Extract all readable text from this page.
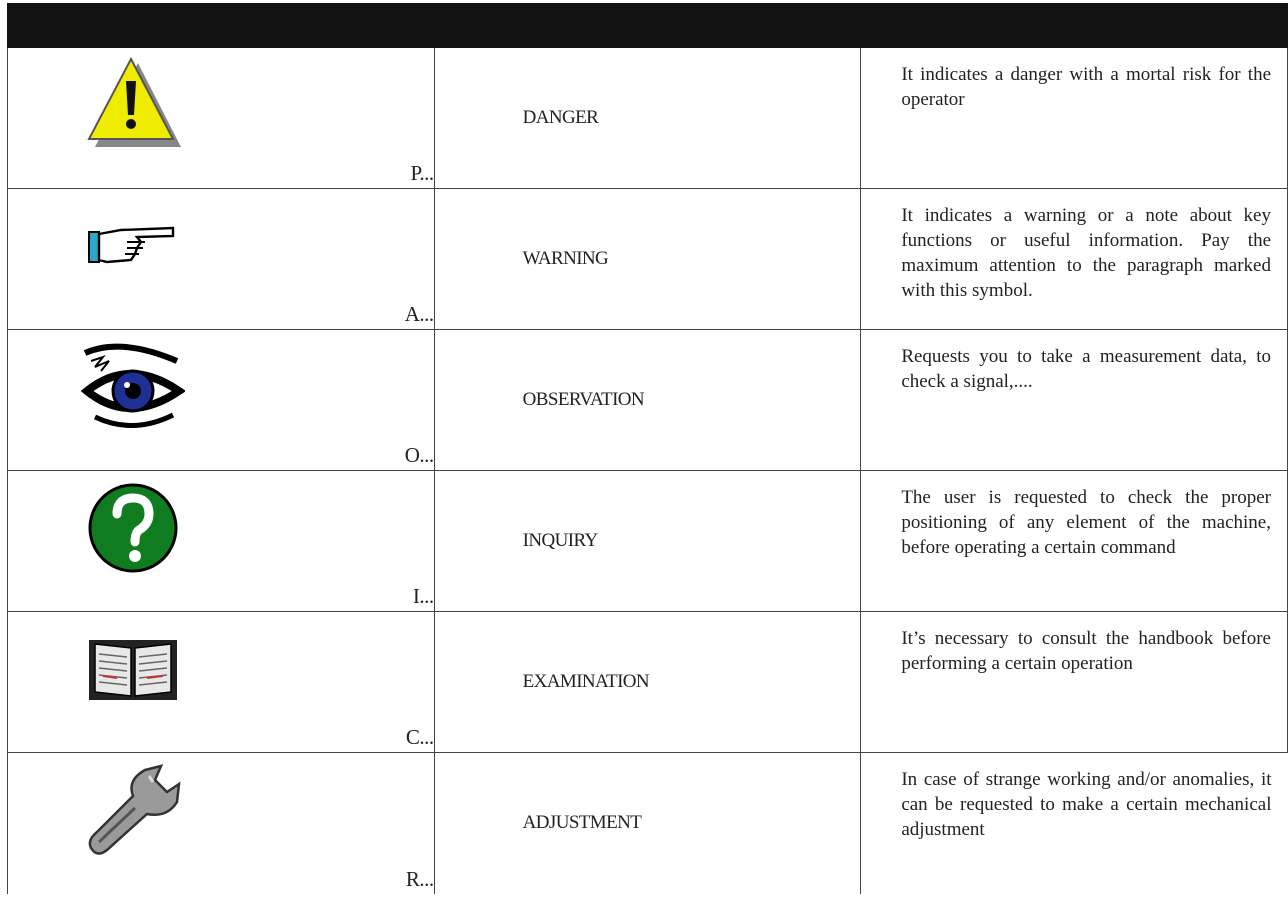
P...	DANGER	It indicates a danger with a mortal risk for the operator

A...	WARNING	It indicates a warning or a note about key functions or useful information. Pay the maximum attention to the paragraph marked with this symbol.

O...	OBSERVATION	Requests you to take a measurement data, to check a signal,....

I...	INQUIRY	The user is requested to check the proper positioning of any element of the machine, before operating a certain command

C...	EXAMINATION	It’s necessary to consult the handbook before performing a certain operation

R...	ADJUSTMENT	In case of strange working and/or anomalies, it can be requested to make a certain mechanical adjustment
